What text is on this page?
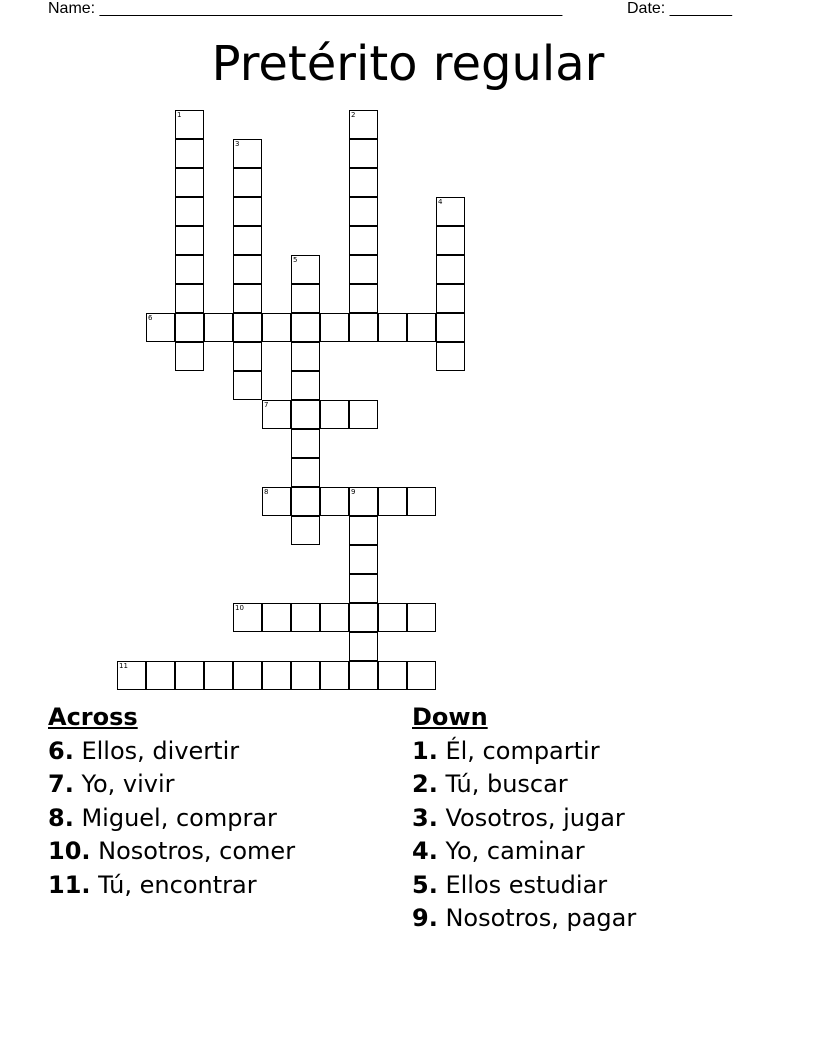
Name: ____________________________________________________	Date: _______
Pretérito regular
1	2
3
4
5
6
7
8	9
10
11
Across
6. Ellos, divertir
7. Yo, vivir
8. Miguel, comprar
10. Nosotros, comer
11. Tú, encontrar
Down
1. Él, compartir
2. Tú, buscar
3. Vosotros, jugar
4. Yo, caminar
5. Ellos estudiar
9. Nosotros, pagar
